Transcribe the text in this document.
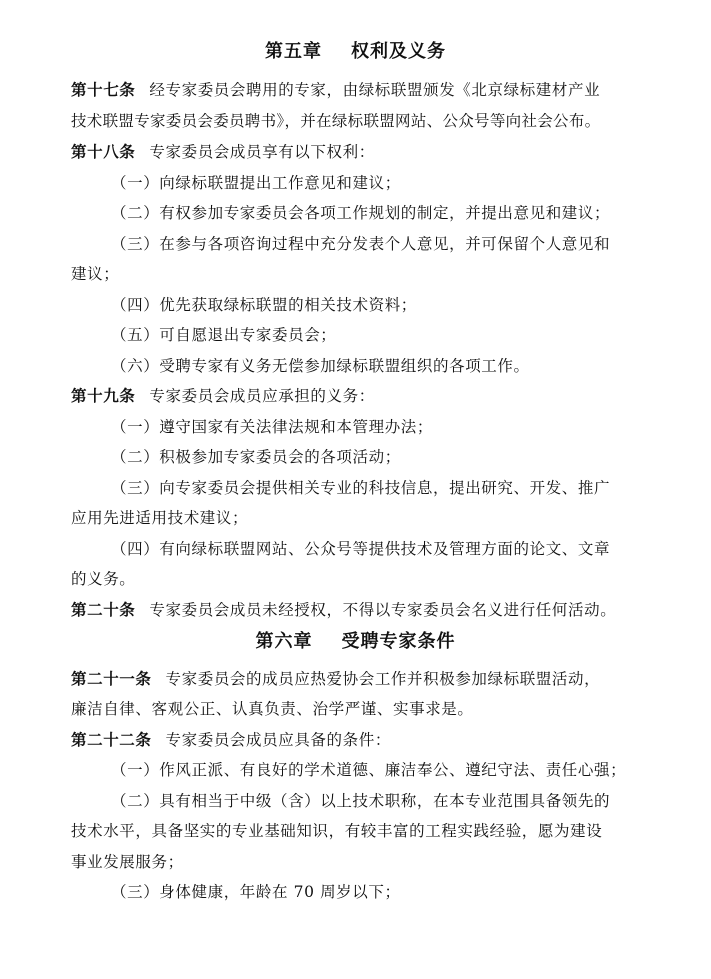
第五章    权利及义务
第十七条 经专家委员会聘用的专家，由绿标联盟颁发《北京绿标建材产业
技术联盟专家委员会委员聘书》，并在绿标联盟网站、公众号等向社会公布。
第十八条 专家委员会成员享有以下权利：
（一）向绿标联盟提出工作意见和建议；
（二）有权参加专家委员会各项工作规划的制定，并提出意见和建议；
（三）在参与各项咨询过程中充分发表个人意见，并可保留个人意见和
建议；
（四）优先获取绿标联盟的相关技术资料；
（五）可自愿退出专家委员会；
（六）受聘专家有义务无偿参加绿标联盟组织的各项工作。
第十九条 专家委员会成员应承担的义务：
（一）遵守国家有关法律法规和本管理办法；
（二）积极参加专家委员会的各项活动；
（三）向专家委员会提供相关专业的科技信息，提出研究、开发、推广
应用先进适用技术建议；
（四）有向绿标联盟网站、公众号等提供技术及管理方面的论文、文章
的义务。
第二十条 专家委员会成员未经授权，不得以专家委员会名义进行任何活动。
第六章    受聘专家条件
第二十一条 专家委员会的成员应热爱协会工作并积极参加绿标联盟活动，
廉洁自律、客观公正、认真负责、治学严谨、实事求是。
第二十二条 专家委员会成员应具备的条件：
（一）作风正派、有良好的学术道德、廉洁奉公、遵纪守法、责任心强；
（二）具有相当于中级（含）以上技术职称，在本专业范围具备领先的
技术水平，具备坚实的专业基础知识，有较丰富的工程实践经验，愿为建设
事业发展服务；
（三）身体健康，年龄在 70 周岁以下；
